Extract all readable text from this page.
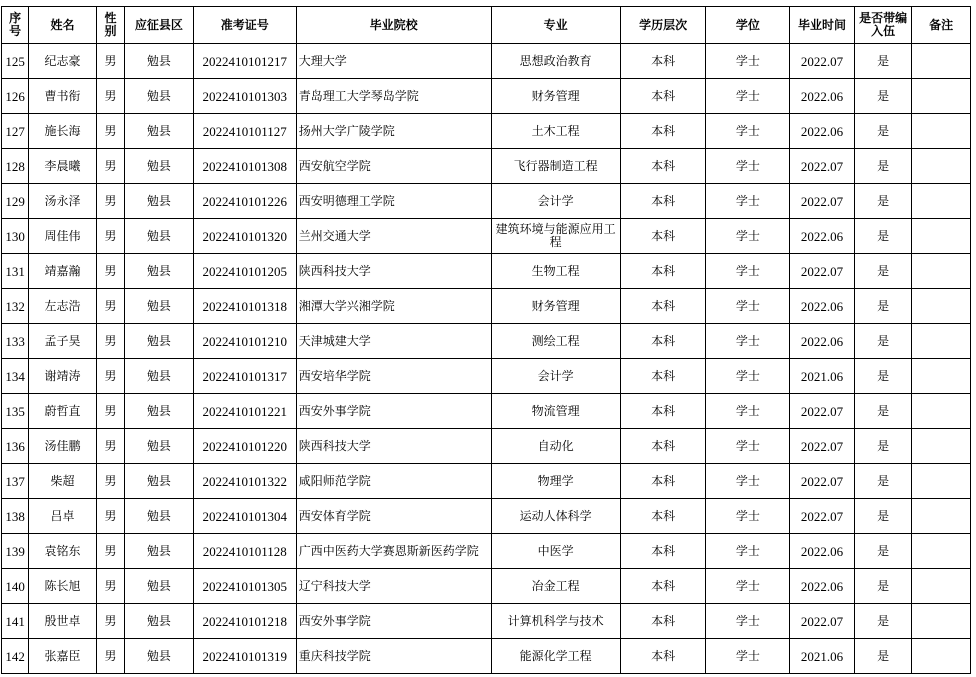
序号	姓名	性别	应征县区	准考证号	毕业院校	专业	学历层次	学位	毕业时间	是否带编入伍	备注
125	纪志豪	男	勉县	2022410101217	大理大学	思想政治教育	本科	学士	2022.07	是	
126	曹书衔	男	勉县	2022410101303	青岛理工大学琴岛学院	财务管理	本科	学士	2022.06	是	
127	施长海	男	勉县	2022410101127	扬州大学广陵学院	土木工程	本科	学士	2022.06	是	
128	李晨曦	男	勉县	2022410101308	西安航空学院	飞行器制造工程	本科	学士	2022.07	是	
129	汤永泽	男	勉县	2022410101226	西安明德理工学院	会计学	本科	学士	2022.07	是	
130	周佳伟	男	勉县	2022410101320	兰州交通大学	建筑环境与能源应用工程	本科	学士	2022.06	是	
131	靖嘉瀚	男	勉县	2022410101205	陕西科技大学	生物工程	本科	学士	2022.07	是	
132	左志浩	男	勉县	2022410101318	湘潭大学兴湘学院	财务管理	本科	学士	2022.06	是	
133	孟子昊	男	勉县	2022410101210	天津城建大学	测绘工程	本科	学士	2022.06	是	
134	谢靖涛	男	勉县	2022410101317	西安培华学院	会计学	本科	学士	2021.06	是	
135	蔚哲直	男	勉县	2022410101221	西安外事学院	物流管理	本科	学士	2022.07	是	
136	汤佳鹏	男	勉县	2022410101220	陕西科技大学	自动化	本科	学士	2022.07	是	
137	柴超	男	勉县	2022410101322	咸阳师范学院	物理学	本科	学士	2022.07	是	
138	吕卓	男	勉县	2022410101304	西安体育学院	运动人体科学	本科	学士	2022.07	是	
139	袁铭东	男	勉县	2022410101128	广西中医药大学赛恩斯新医药学院	中医学	本科	学士	2022.06	是	
140	陈长旭	男	勉县	2022410101305	辽宁科技大学	冶金工程	本科	学士	2022.06	是	
141	殷世卓	男	勉县	2022410101218	西安外事学院	计算机科学与技术	本科	学士	2022.07	是	
142	张嘉臣	男	勉县	2022410101319	重庆科技学院	能源化学工程	本科	学士	2021.06	是	
